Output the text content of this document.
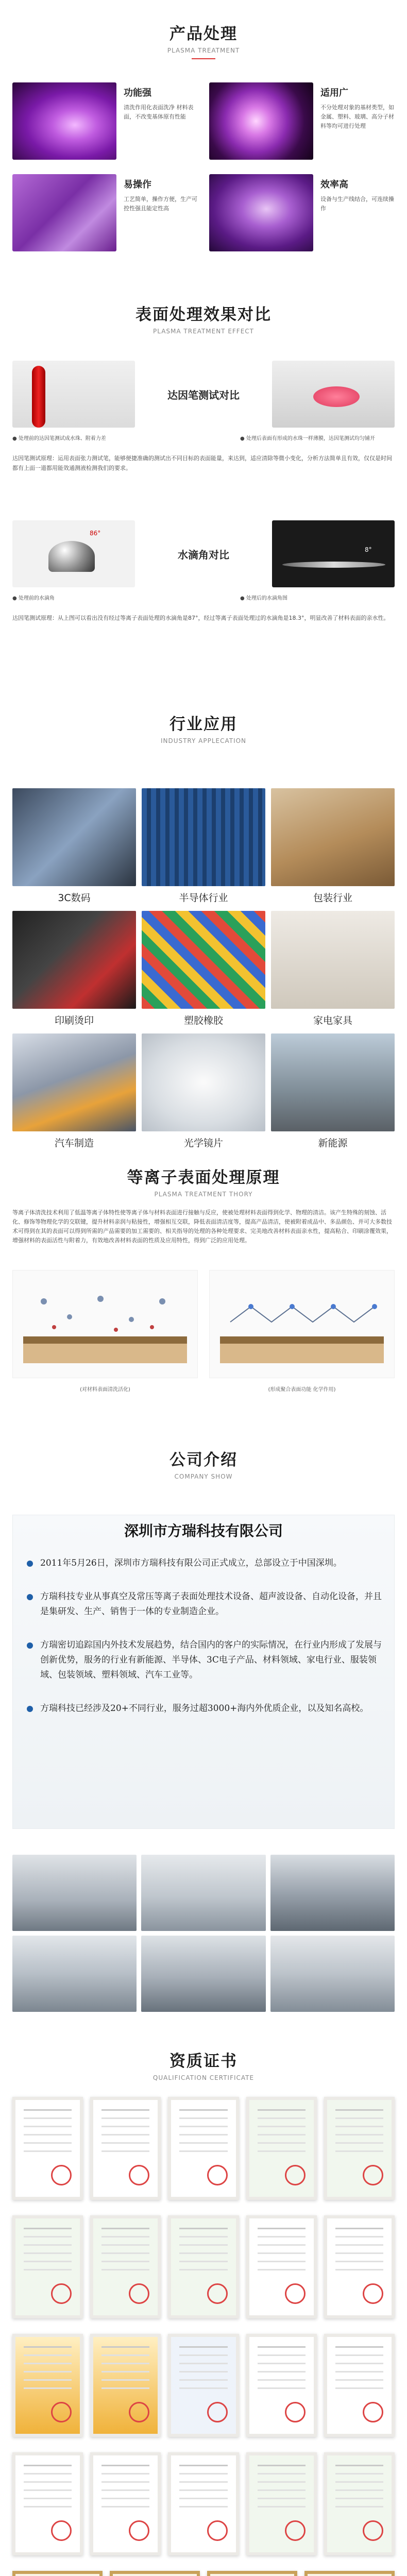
产品处理
PLASMA TREATMENT
功能强

清洗作用化表面洗净 材料表面，不改变基体原有性能

适用广

不分处理对象的基材类型，如金属、塑料、玻璃、高分子材料等均可进行处理

易操作

工艺简单，操作方便，生产可控性强且能定性高

效率高

设备与生产线结合，可连续操作

表面处理效果对比
PLASMA TREATMENT EFFECT
达因笔测试对比
● 处理前的达因笔测试成水珠、附着力差	● 处理后表面有形成的水珠一样薄膜，达因笔测试均匀铺开
达因笔测试原理：运用表面张力测试笔，能够便捷准确的测试出不同目标的表面能量，来达到，适应清除等微小变化，分析方法简单且有效，仅仅是时间都有上面一道都用能效通测液检测我们的要求。
86°
水滴角对比	8°
● 处理前的水滴角	● 处理后的水滴角图
达因笔测试原理：从上图可以看出没有经过等离子表面处理的水滴角是87°，经过等离子表面处理过的水滴角是18.3°，明显改善了材料表面的亲水性。
行业应用
INDUSTRY APPLECATION
3C数码	半导体行业	包装行业
印刷烫印	塑胶橡胶	家电家具
汽车制造	光学镜片	新能源
等离子表面处理原理
PLASMA TREATMENT THORY
等离子体清洗技术利用了低温等离子体特性使等离子体与材料表面进行接触与反应，使被处理材料表面得到化学、物理的清洁。该产生特殊的刻蚀、活化、修饰等物理化学的交联键，提升材料亲润与粘接性，增强相互交联，降低表面清洁度等，提高产品清洁，使被附着成品中、多品颜色、并可大多数技术可得到在其的表面可以得到所需的产品需要的加工需要的、相关指导的处理的各种处理要求、完美地改善材料表面亲水性，提高粘合、印刷涂覆效果，增强材料的表面活性与附着力，有效地改善材料表面的性质及应用特性，得到广泛的应用处理。
(对材料表面清洗活化)	(形成聚合表面功能 化学作用)
公司介绍
COMPANY SHOW
深圳市方瑞科技有限公司

2011年5月26日，深圳市方瑞科技有限公司正式成立，总部设立于中国深圳。

方瑞科技专业从事真空及常压等离子表面处理技术设备、超声波设备、自动化设备，并且是集研发、生产、销售于一体的专业制造企业。

方瑞密切追踪国内外技术发展趋势，结合国内的客户的实际情况，在行业内形成了发展与创新优势，服务的行业有新能源、半导体、3C电子产品、材料领域、家电行业、服装领域、包装领域、塑料领域、汽车工业等。

方瑞科技已经涉及20+不同行业，服务过超3000+海内外优质企业，以及知名高校。

资质证书
QUALIFICATION CERTIFICATE
